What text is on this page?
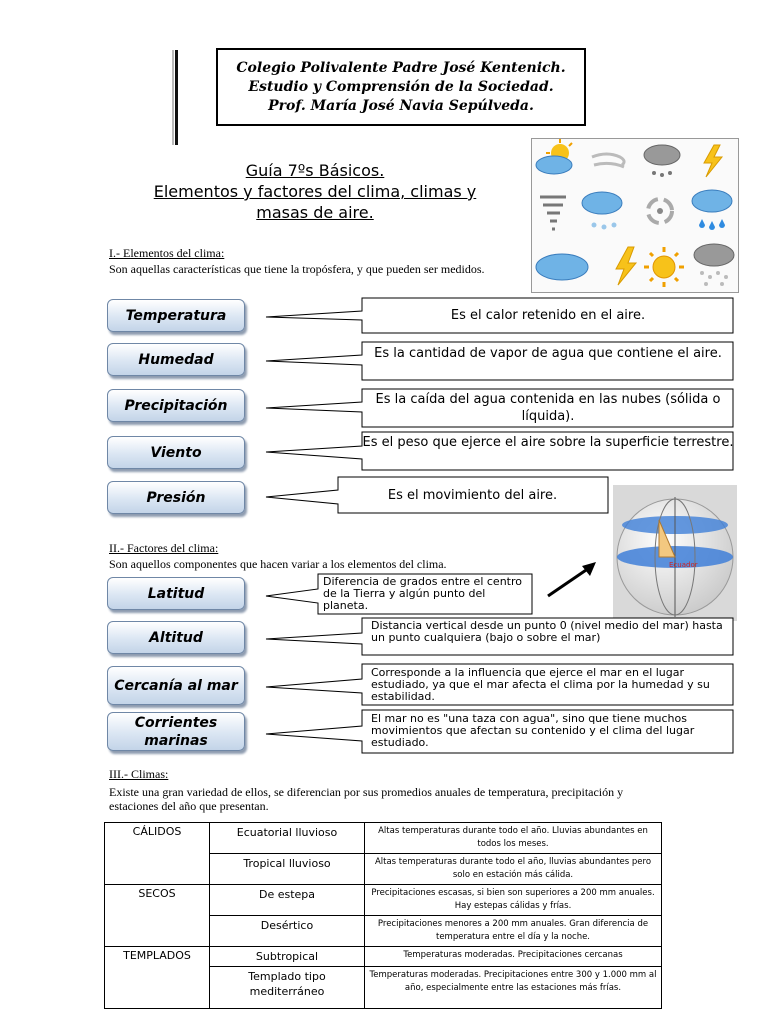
Colegio Polivalente Padre José Kentenich.
Estudio y Comprensión de la Sociedad.
Prof. María José Navia Sepúlveda.
Guía 7ºs Básicos.
Elementos y factores del clima, climas y
masas de aire.
I.- Elementos del clima:
Son aquellas características que tiene la tropósfera, y que pueden ser medidos.
Temperatura
Humedad
Precipitación
Viento
Presión
Es el calor retenido en el aire.
Es la cantidad de vapor de agua que contiene el aire.
Es la caída del agua contenida en las nubes (sólida o líquida).
Es el peso que ejerce el aire sobre la superficie terrestre.
Es el movimiento del aire.
Ecuador
II.- Factores del clima:
Son aquellos componentes que hacen variar a los elementos del clima.
Latitud
Altitud
Cercanía al mar
Corrientes marinas
Diferencia de grados entre el centro de la Tierra y algún punto del planeta.
Distancia vertical desde un punto 0 (nivel medio del mar) hasta un punto cualquiera (bajo o sobre el mar)
Corresponde a la influencia que ejerce el mar en el lugar estudiado, ya que el mar afecta el clima por la humedad y su estabilidad.
El mar no es "una taza con agua", sino que tiene muchos movimientos que afectan su contenido y el clima del lugar estudiado.
III.- Climas:
Existe una gran variedad de ellos, se diferencian por sus promedios anuales de temperatura, precipitación y estaciones del año que presentan.
CÁLIDOS	Ecuatorial lluvioso	Altas temperaturas durante todo el año. Lluvias abundantes en todos los meses.
	Tropical lluvioso	Altas temperaturas durante todo el año, lluvias abundantes pero solo en estación más cálida.
SECOS	De estepa	Precipitaciones escasas, si bien son superiores a 200 mm anuales. Hay estepas cálidas y frías.
	Desértico	Precipitaciones menores a 200 mm anuales. Gran diferencia de temperatura entre el día y la noche.
TEMPLADOS	Subtropical	Temperaturas moderadas. Precipitaciones cercanas
	Templado tipo mediterráneo	Temperaturas moderadas. Precipitaciones entre 300 y 1.000 mm al año, especialmente entre las estaciones más frías.
